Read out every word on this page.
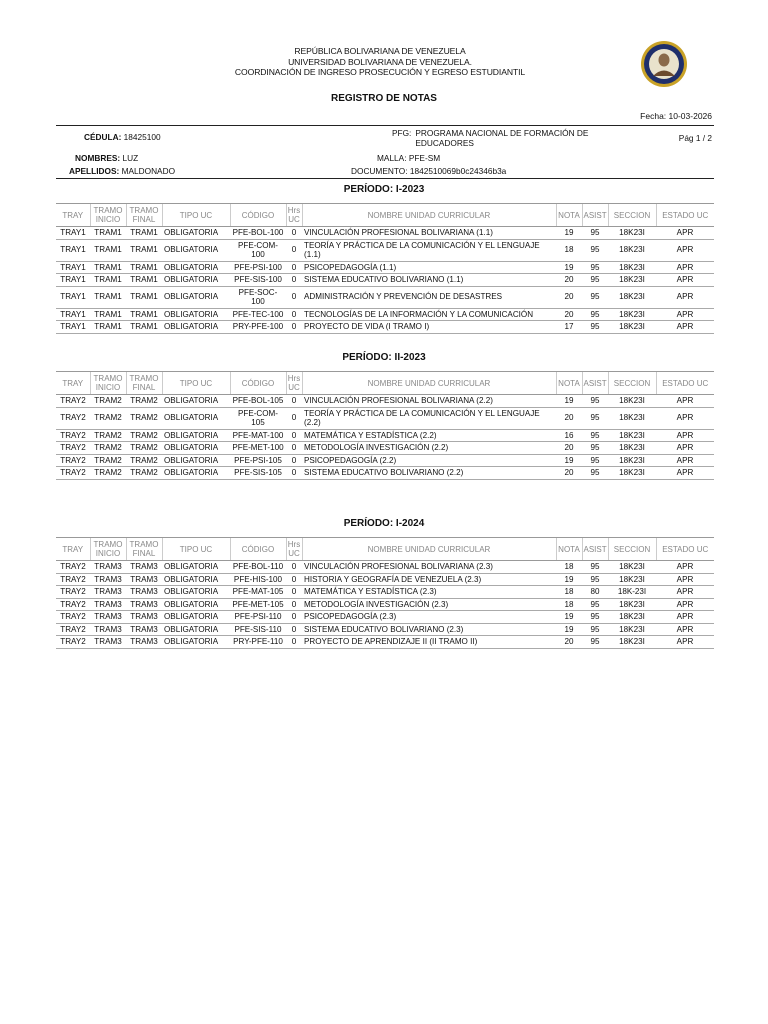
REPÚBLICA BOLIVARIANA DE VENEZUELA
UNIVERSIDAD BOLIVARIANA DE VENEZUELA.
COORDINACIÓN DE INGRESO PROSECUCIÓN Y EGRESO ESTUDIANTIL
REGISTRO DE NOTAS
Fecha: 10-03-2026
CÉDULA: 18425100
NOMBRES: LUZ
APELLIDOS: MALDONADO
PFG: PROGRAMA NACIONAL DE FORMACIÓN DE EDUCADORES
MALLA: PFE-SM
DOCUMENTO: 1842510069b0c24346b3a
Pág 1 / 2
PERÍODO: I-2023
TRAY	TRAMO INICIO	TRAMO FINAL	TIPO UC	CÓDIGO	Hrs UC	NOMBRE UNIDAD CURRICULAR	NOTA	ASIST	SECCION	ESTADO UC
TRAY1	TRAM1	TRAM1	OBLIGATORIA	PFE-BOL-100	0	VINCULACIÓN PROFESIONAL BOLIVARIANA (1.1)	19	95	18K23I	APR
TRAY1	TRAM1	TRAM1	OBLIGATORIA	PFE-COM-100	0	TEORÍA Y PRÁCTICA DE LA COMUNICACIÓN Y EL LENGUAJE (1.1)	18	95	18K23I	APR
TRAY1	TRAM1	TRAM1	OBLIGATORIA	PFE-PSI-100	0	PSICOPEDAGOGÍA (1.1)	19	95	18K23I	APR
TRAY1	TRAM1	TRAM1	OBLIGATORIA	PFE-SIS-100	0	SISTEMA EDUCATIVO BOLIVARIANO (1.1)	20	95	18K23I	APR
TRAY1	TRAM1	TRAM1	OBLIGATORIA	PFE-SOC-100	0	ADMINISTRACIÓN Y PREVENCIÓN DE DESASTRES	20	95	18K23I	APR
TRAY1	TRAM1	TRAM1	OBLIGATORIA	PFE-TEC-100	0	TECNOLOGÍAS DE LA INFORMACIÓN Y LA COMUNICACIÓN	20	95	18K23I	APR
TRAY1	TRAM1	TRAM1	OBLIGATORIA	PRY-PFE-100	0	PROYECTO DE VIDA (I TRAMO I)	17	95	18K23I	APR
PERÍODO: II-2023
TRAY	TRAMO INICIO	TRAMO FINAL	TIPO UC	CÓDIGO	Hrs UC	NOMBRE UNIDAD CURRICULAR	NOTA	ASIST	SECCION	ESTADO UC
TRAY2	TRAM2	TRAM2	OBLIGATORIA	PFE-BOL-105	0	VINCULACIÓN PROFESIONAL BOLIVARIANA (2.2)	19	95	18K23I	APR
TRAY2	TRAM2	TRAM2	OBLIGATORIA	PFE-COM-105	0	TEORÍA Y PRÁCTICA DE LA COMUNICACIÓN Y EL LENGUAJE (2.2)	20	95	18K23I	APR
TRAY2	TRAM2	TRAM2	OBLIGATORIA	PFE-MAT-100	0	MATEMÁTICA Y ESTADÍSTICA (2.2)	16	95	18K23I	APR
TRAY2	TRAM2	TRAM2	OBLIGATORIA	PFE-MET-100	0	METODOLOGÍA INVESTIGACIÓN (2.2)	20	95	18K23I	APR
TRAY2	TRAM2	TRAM2	OBLIGATORIA	PFE-PSI-105	0	PSICOPEDAGOGÍA (2.2)	19	95	18K23I	APR
TRAY2	TRAM2	TRAM2	OBLIGATORIA	PFE-SIS-105	0	SISTEMA EDUCATIVO BOLIVARIANO (2.2)	20	95	18K23I	APR
PERÍODO: I-2024
TRAY	TRAMO INICIO	TRAMO FINAL	TIPO UC	CÓDIGO	Hrs UC	NOMBRE UNIDAD CURRICULAR	NOTA	ASIST	SECCION	ESTADO UC
TRAY2	TRAM3	TRAM3	OBLIGATORIA	PFE-BOL-110	0	VINCULACIÓN PROFESIONAL BOLIVARIANA (2.3)	18	95	18K23I	APR
TRAY2	TRAM3	TRAM3	OBLIGATORIA	PFE-HIS-100	0	HISTORIA Y GEOGRAFÍA DE VENEZUELA (2.3)	19	95	18K23I	APR
TRAY2	TRAM3	TRAM3	OBLIGATORIA	PFE-MAT-105	0	MATEMÁTICA Y ESTADÍSTICA (2.3)	18	80	18K-23I	APR
TRAY2	TRAM3	TRAM3	OBLIGATORIA	PFE-MET-105	0	METODOLOGÍA INVESTIGACIÓN (2.3)	18	95	18K23I	APR
TRAY2	TRAM3	TRAM3	OBLIGATORIA	PFE-PSI-110	0	PSICOPEDAGOGÍA (2.3)	19	95	18K23I	APR
TRAY2	TRAM3	TRAM3	OBLIGATORIA	PFE-SIS-110	0	SISTEMA EDUCATIVO BOLIVARIANO (2.3)	19	95	18K23I	APR
TRAY2	TRAM3	TRAM3	OBLIGATORIA	PRY-PFE-110	0	PROYECTO DE APRENDIZAJE II (II TRAMO II)	20	95	18K23I	APR
